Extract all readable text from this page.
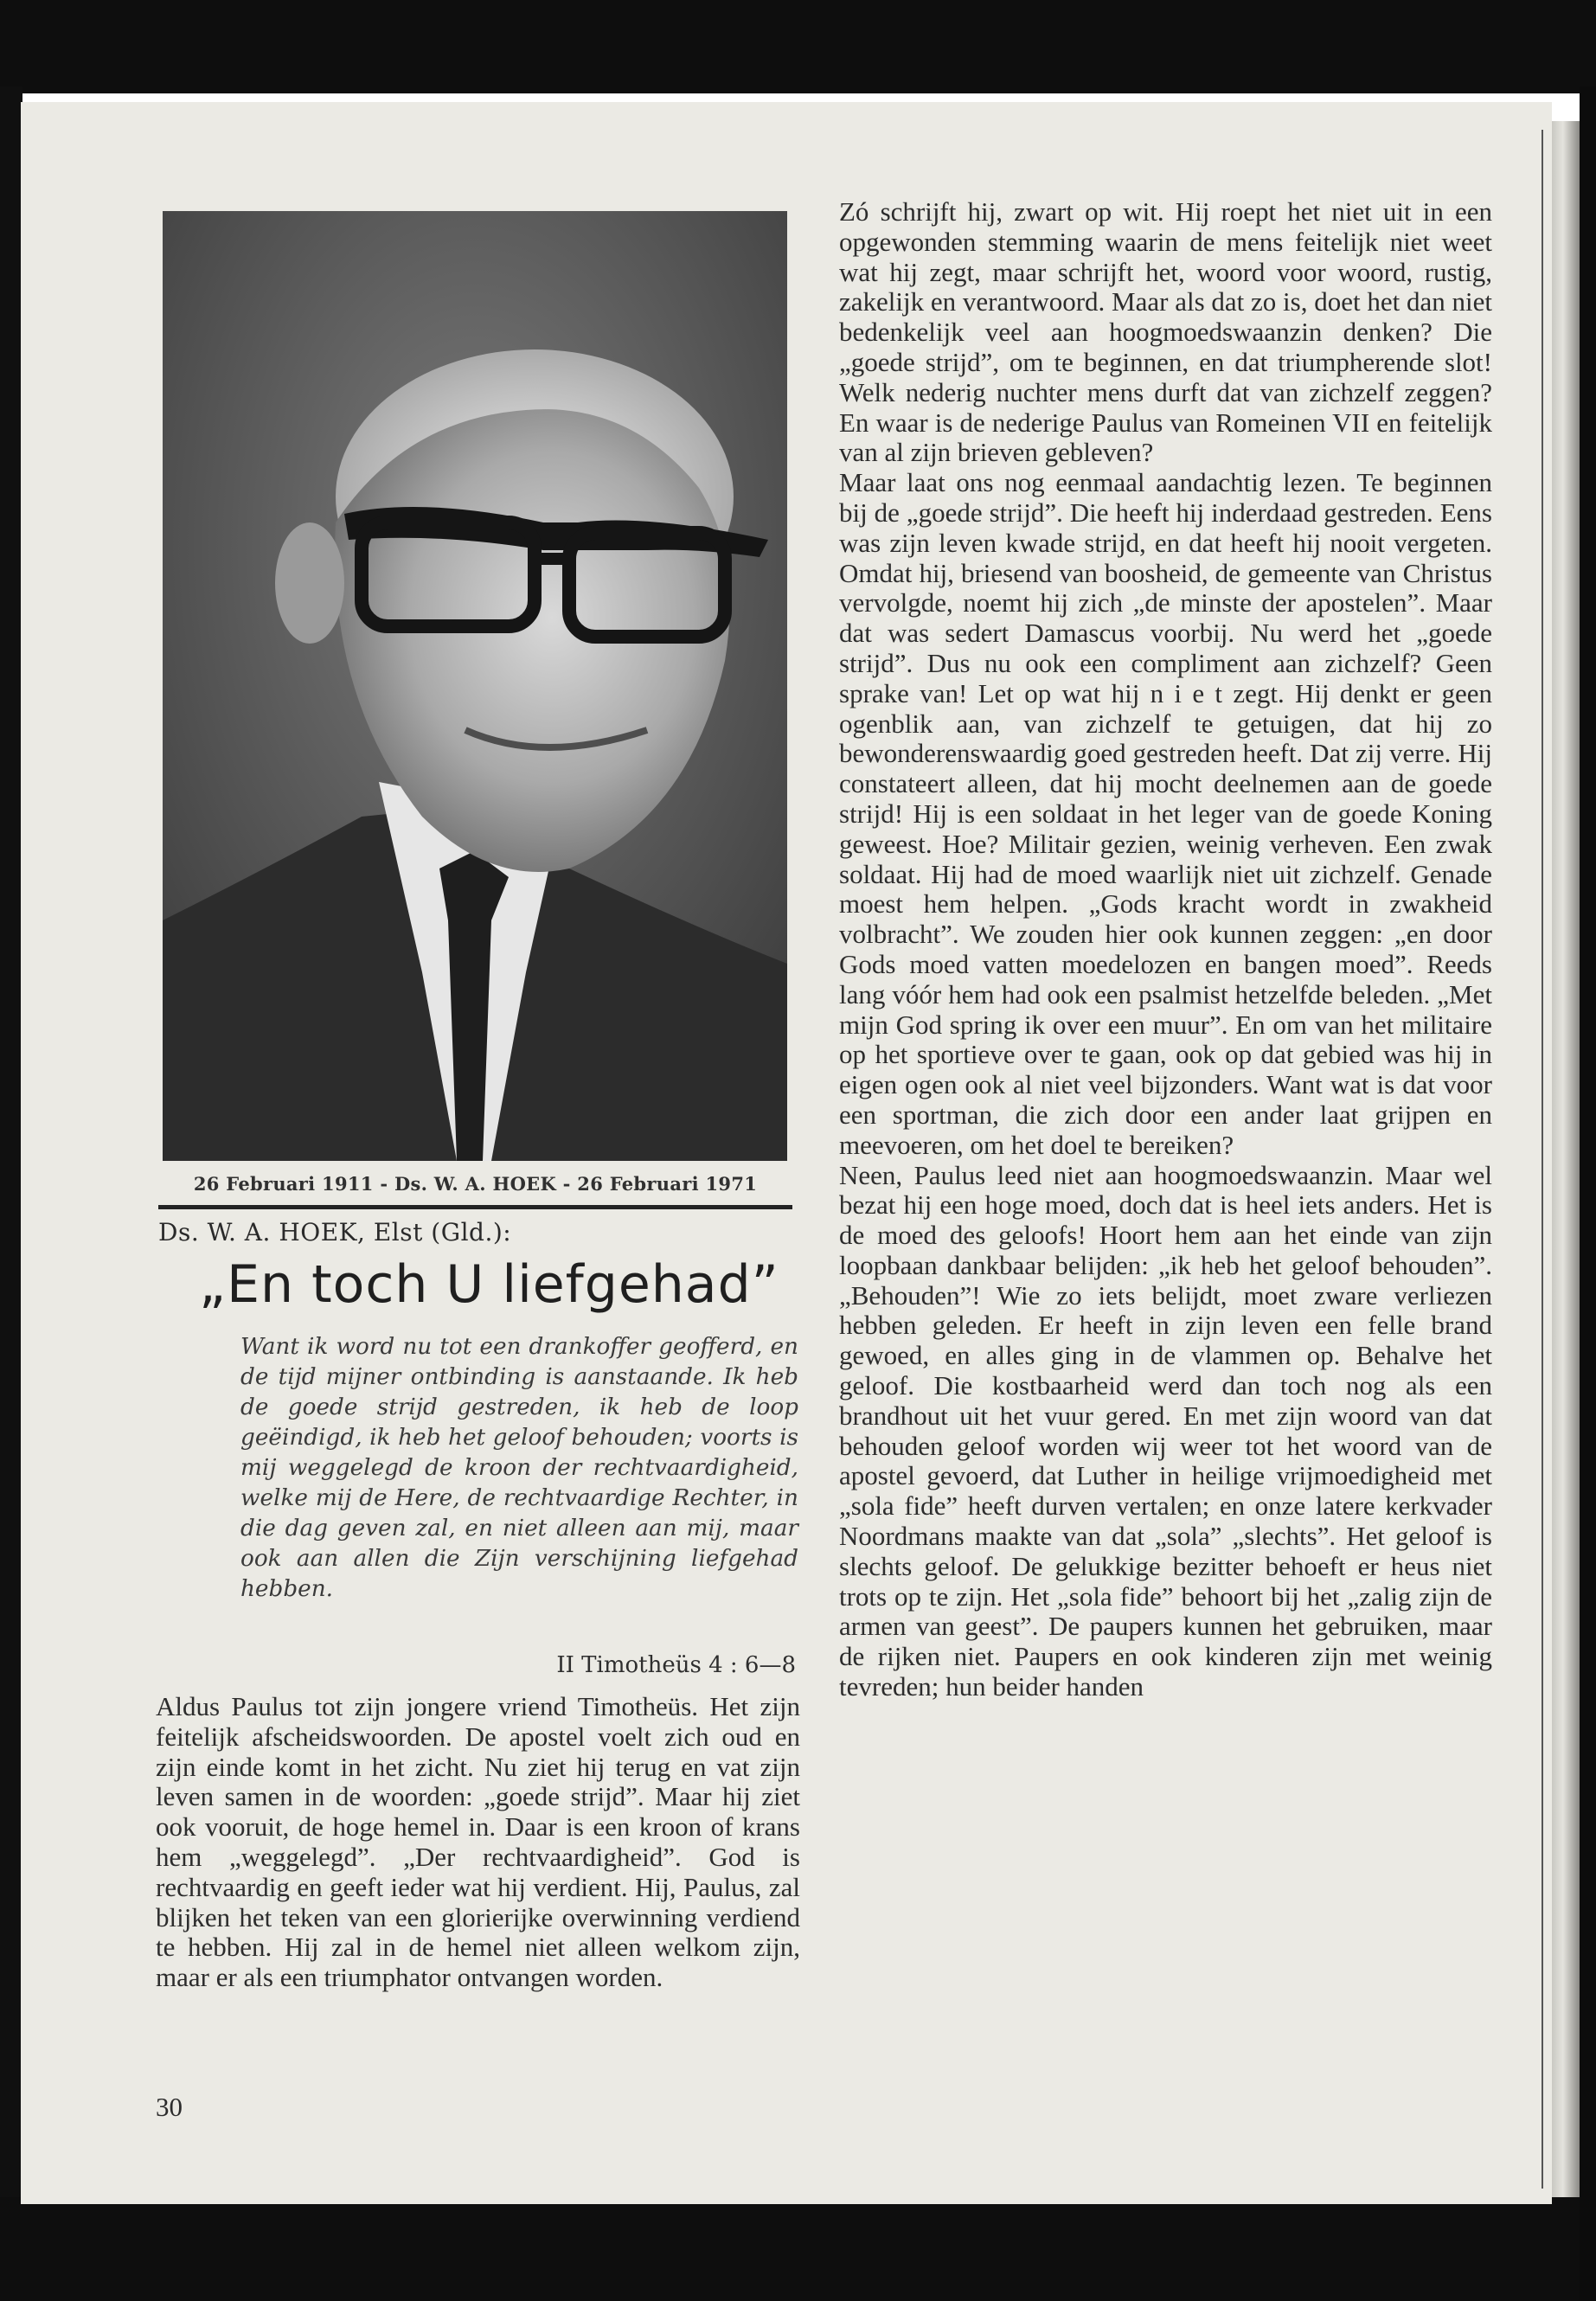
26 Februari 1911 - Ds. W. A. HOEK - 26 Februari 1971
Ds. W. A. HOEK, Elst (Gld.):
„En toch U liefgehad”
Want ik word nu tot een drankoffer geofferd, en de tijd mijner ontbinding is aanstaande. Ik heb de goede strijd gestreden, ik heb de loop geëindigd, ik heb het geloof behouden; voorts is mij weggelegd de kroon der rechtvaardigheid, welke mij de Here, de rechtvaardige Rechter, in die dag geven zal, en niet alleen aan mij, maar ook aan allen die Zijn verschijning liefgehad hebben.
II Timotheüs 4 : 6—8

Aldus Paulus tot zijn jongere vriend Timotheüs. Het zijn feitelijk afscheidswoorden. De apostel voelt zich oud en zijn einde komt in het zicht. Nu ziet hij terug en vat zijn leven samen in de woorden: „goede strijd”. Maar hij ziet ook vooruit, de hoge hemel in. Daar is een kroon of krans hem „weggelegd”. „Der rechtvaardigheid”. God is rechtvaardig en geeft ieder wat hij verdient. Hij, Paulus, zal blijken het teken van een glorierijke overwinning verdiend te hebben. Hij zal in de hemel niet alleen welkom zijn, maar er als een triumphator ontvangen worden.

30

Zó schrijft hij, zwart op wit. Hij roept het niet uit in een opgewonden stemming waarin de mens feitelijk niet weet wat hij zegt, maar schrijft het, woord voor woord, rustig, zakelijk en verantwoord. Maar als dat zo is, doet het dan niet bedenkelijk veel aan hoogmoedswaanzin denken? Die „goede strijd”, om te beginnen, en dat triumpherende slot! Welk nederig nuchter mens durft dat van zichzelf zeggen? En waar is de nederige Paulus van Romeinen VII en feitelijk van al zijn brieven gebleven?

Maar laat ons nog eenmaal aandachtig lezen. Te beginnen bij de „goede strijd”. Die heeft hij inderdaad gestreden. Eens was zijn leven kwade strijd, en dat heeft hij nooit vergeten. Omdat hij, briesend van boosheid, de gemeente van Christus vervolgde, noemt hij zich „de minste der apostelen”. Maar dat was sedert Damascus voorbij. Nu werd het „goede strijd”. Dus nu ook een compliment aan zichzelf? Geen sprake van! Let op wat hij n i e t zegt. Hij denkt er geen ogenblik aan, van zichzelf te getuigen, dat hij zo bewonderenswaardig goed gestreden heeft. Dat zij verre. Hij constateert alleen, dat hij mocht deelnemen aan de goede strijd! Hij is een soldaat in het leger van de goede Koning geweest. Hoe? Militair gezien, weinig verheven. Een zwak soldaat. Hij had de moed waarlijk niet uit zichzelf. Genade moest hem helpen. „Gods kracht wordt in zwakheid volbracht”. We zouden hier ook kunnen zeggen: „en door Gods moed vatten moedelozen en bangen moed”. Reeds lang vóór hem had ook een psalmist hetzelfde beleden. „Met mijn God spring ik over een muur”. En om van het militaire op het sportieve over te gaan, ook op dat gebied was hij in eigen ogen ook al niet veel bijzonders. Want wat is dat voor een sportman, die zich door een ander laat grijpen en meevoeren, om het doel te bereiken?

Neen, Paulus leed niet aan hoogmoedswaanzin. Maar wel bezat hij een hoge moed, doch dat is heel iets anders. Het is de moed des geloofs! Hoort hem aan het einde van zijn loopbaan dankbaar belijden: „ik heb het geloof behouden”. „Behouden”! Wie zo iets belijdt, moet zware verliezen hebben geleden. Er heeft in zijn leven een felle brand gewoed, en alles ging in de vlammen op. Behalve het geloof. Die kostbaarheid werd dan toch nog als een brandhout uit het vuur gered. En met zijn woord van dat behouden geloof worden wij weer tot het woord van de apostel gevoerd, dat Luther in heilige vrijmoedigheid met „sola fide” heeft durven vertalen; en onze latere kerkvader Noordmans maakte van dat „sola” „slechts”. Het geloof is slechts geloof. De gelukkige bezitter behoeft er heus niet trots op te zijn. Het „sola fide” behoort bij het „zalig zijn de armen van geest”. De paupers kunnen het gebruiken, maar de rijken niet. Paupers en ook kinderen zijn met weinig tevreden; hun beider handen
